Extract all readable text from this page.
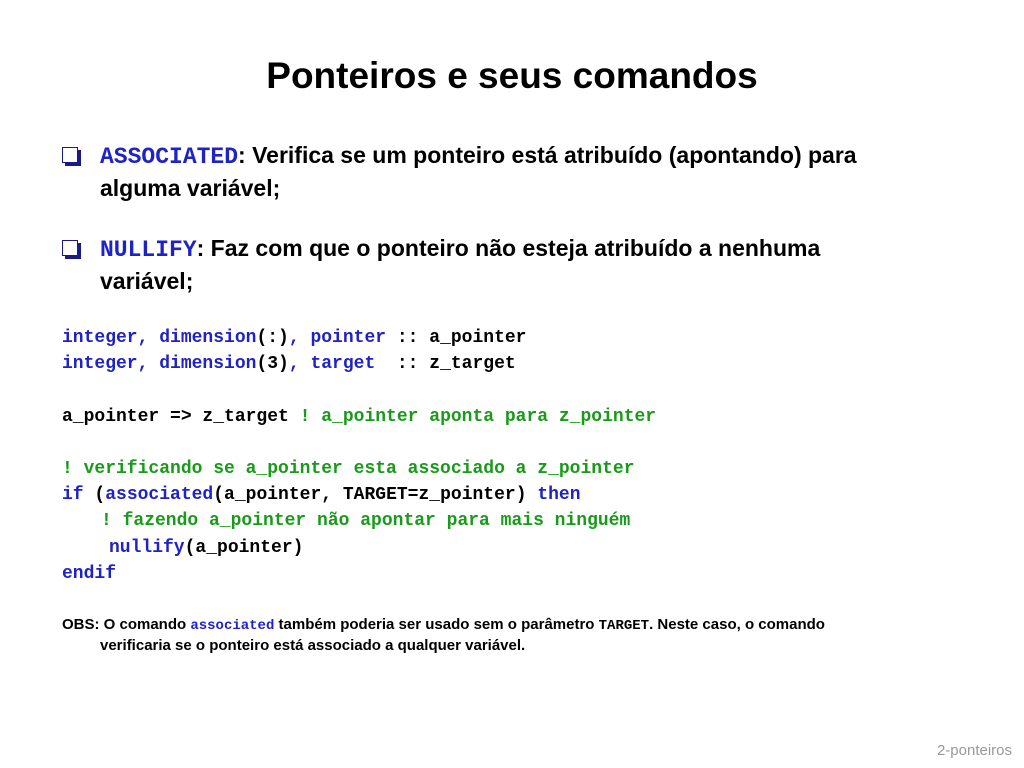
Ponteiros e seus comandos
ASSOCIATED: Verifica se um ponteiro está atribuído (apontando) para
alguma variável;
NULLIFY: Faz com que o ponteiro não esteja atribuído a nenhuma
variável;
integer, dimension(:), pointer :: a_pointer
integer, dimension(3), target  :: z_target
a_pointer => z_target ! a_pointer aponta para z_pointer
! verificando se a_pointer esta associado a z_pointer
if (associated(a_pointer, TARGET=z_pointer) then
! fazendo a_pointer não apontar para mais ninguém
nullify(a_pointer)
endif
OBS: O comando associated também poderia ser usado sem o parâmetro TARGET. Neste caso, o comando
verificaria se o ponteiro está associado a qualquer variável.
2-ponteiros
